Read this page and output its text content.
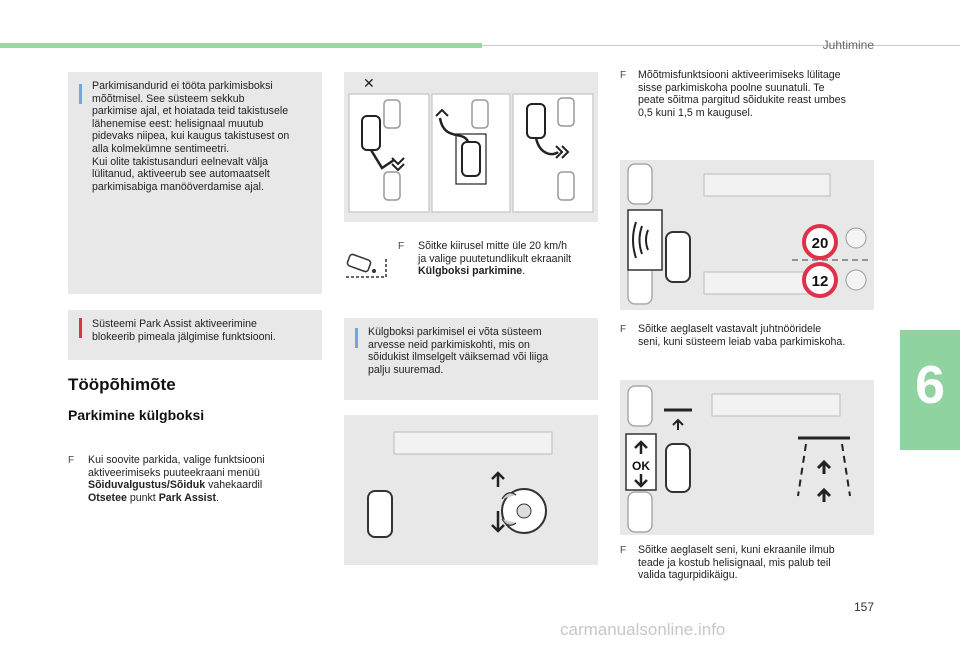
Juhtimine
6
Parkimisandurid ei tööta parkimisboksi
mõõtmisel. See süsteem sekkub
parkimise ajal, et hoiatada teid takistusele
lähenemise eest: helisignaal muutub
pidevaks niipea, kui kaugus takistusest on
alla kolmekümne sentimeetri.
Kui olite takistusanduri eelnevalt välja
lülitanud, aktiveerub see automaatselt
parkimisabiga manööverdamise ajal.
Süsteemi Park Assist aktiveerimine
blokeerib pimeala jälgimise funktsiooni.
Tööpõhimõte
Parkimine külgboksi
F Kui soovite parkida, valige funktsiooni
aktiveerimiseks puuteekraani menüü
Sõiduvalgustus/Sõiduk vahekaardil
Otsetee punkt Park Assist.
✕
F Sõitke kiirusel mitte üle 20 km/h
ja valige puutetundlikult ekraanilt
Külgboksi parkimine.
Külgboksi parkimisel ei võta süsteem
arvesse neid parkimiskohti, mis on
sõidukist ilmselgelt väiksemad või liiga
palju suuremad.
F Mõõtmisfunktsiooni aktiveerimiseks lülitage
sisse parkimiskoha poolne suunatuli. Te
peate sõitma pargitud sõidukite reast umbes
0,5 kuni 1,5 m kaugusel.
20
12
F Sõitke aeglaselt vastavalt juhtnööridele
seni, kuni süsteem leiab vaba parkimiskoha.
OK
F Sõitke aeglaselt seni, kuni ekraanile ilmub
teade ja kostub helisignaal, mis palub teil
valida tagurpidikäigu.
157
carmanualsonline.info
